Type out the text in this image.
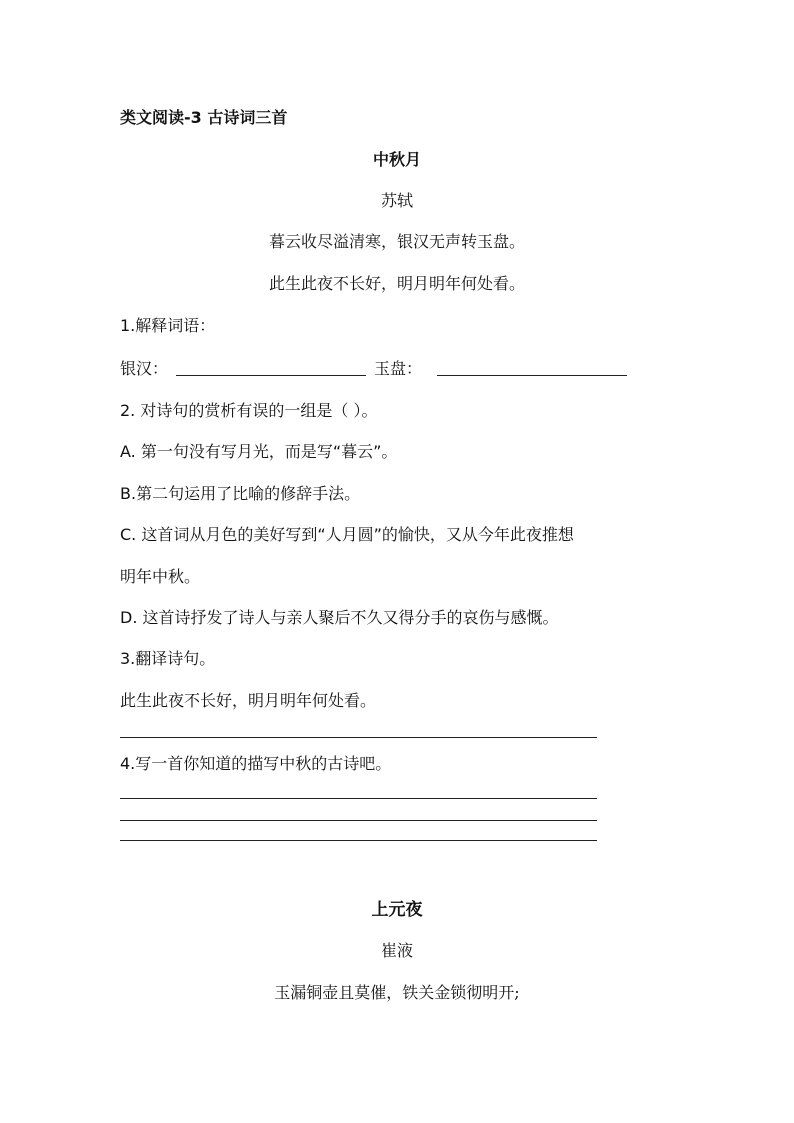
类文阅读-3 古诗词三首
中秋月
苏轼
暮云收尽溢清寒，银汉无声转玉盘。
此生此夜不长好，明月明年何处看。
1.解释词语：
银汉：	玉盘：
2. 对诗句的赏析有误的一组是（ ）。
A. 第一句没有写月光，而是写“暮云”。
B.第二句运用了比喻的修辞手法。
C. 这首词从月色的美好写到“人月圆”的愉快，又从今年此夜推想
明年中秋。
D. 这首诗抒发了诗人与亲人聚后不久又得分手的哀伤与感慨。
3.翻译诗句。
此生此夜不长好，明月明年何处看。
4.写一首你知道的描写中秋的古诗吧。
上元夜
崔液
玉漏铜壶且莫催，铁关金锁彻明开;
